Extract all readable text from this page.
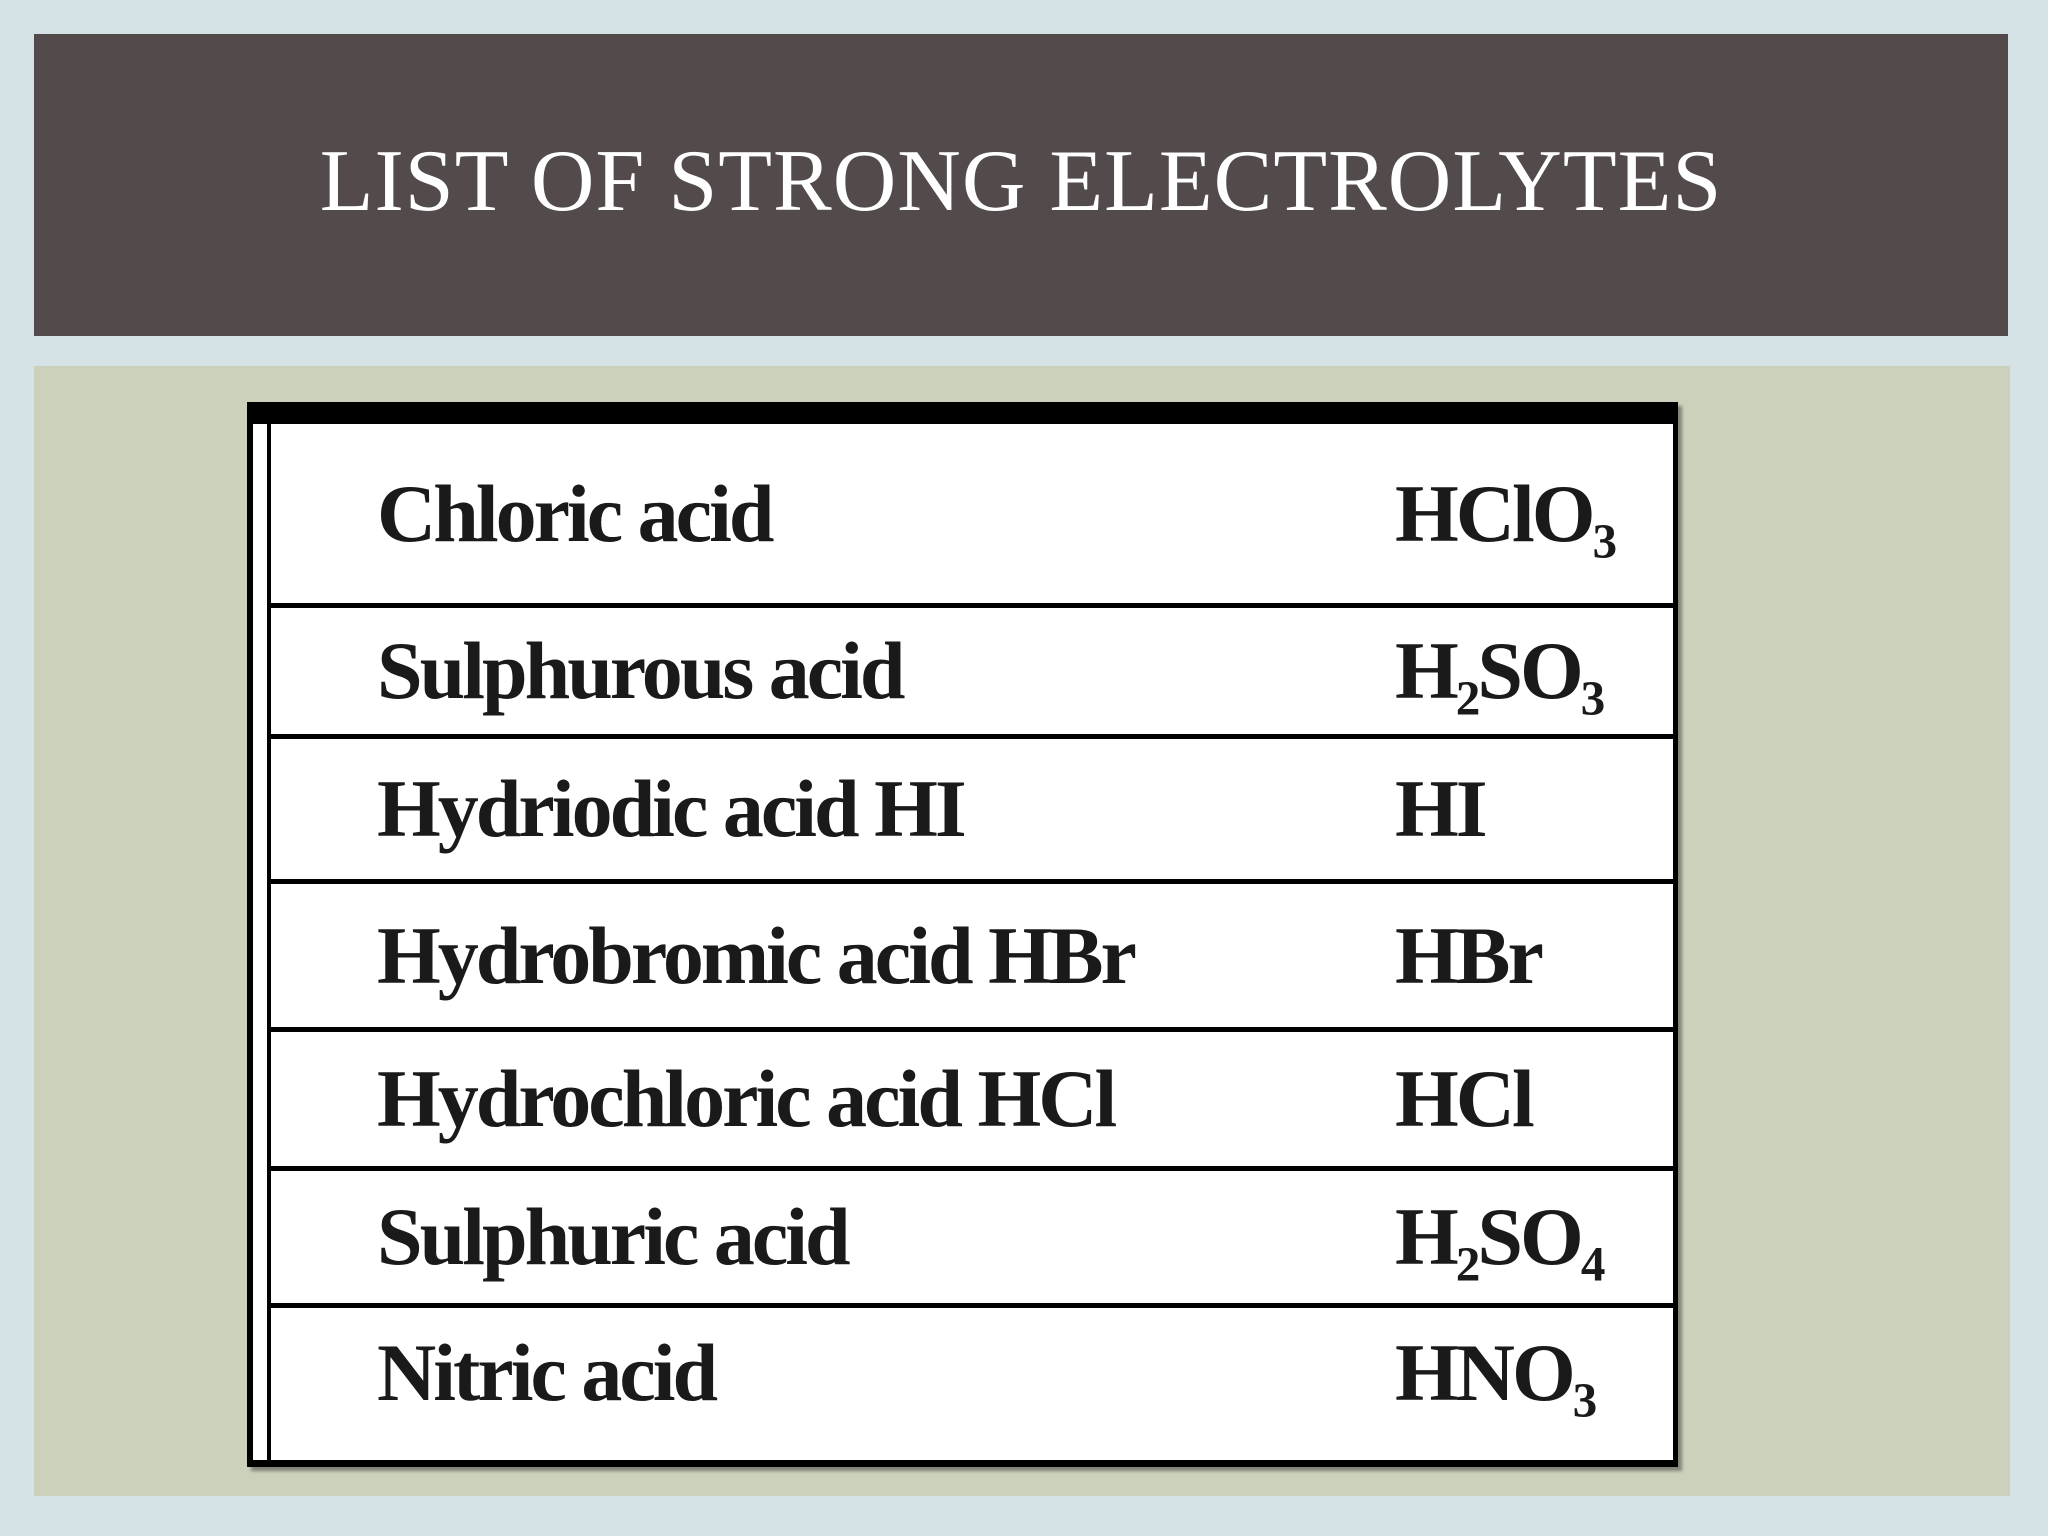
LIST OF STRONG ELECTROLYTES
Chloric acid	HClO₃
Sulphurous acid	H₂SO₃
Hydriodic acid HI	HI
Hydrobromic acid HBr	HBr
Hydrochloric acid HCl	HCl
Sulphuric acid	H₂SO₄
Nitric acid	HNO₃
